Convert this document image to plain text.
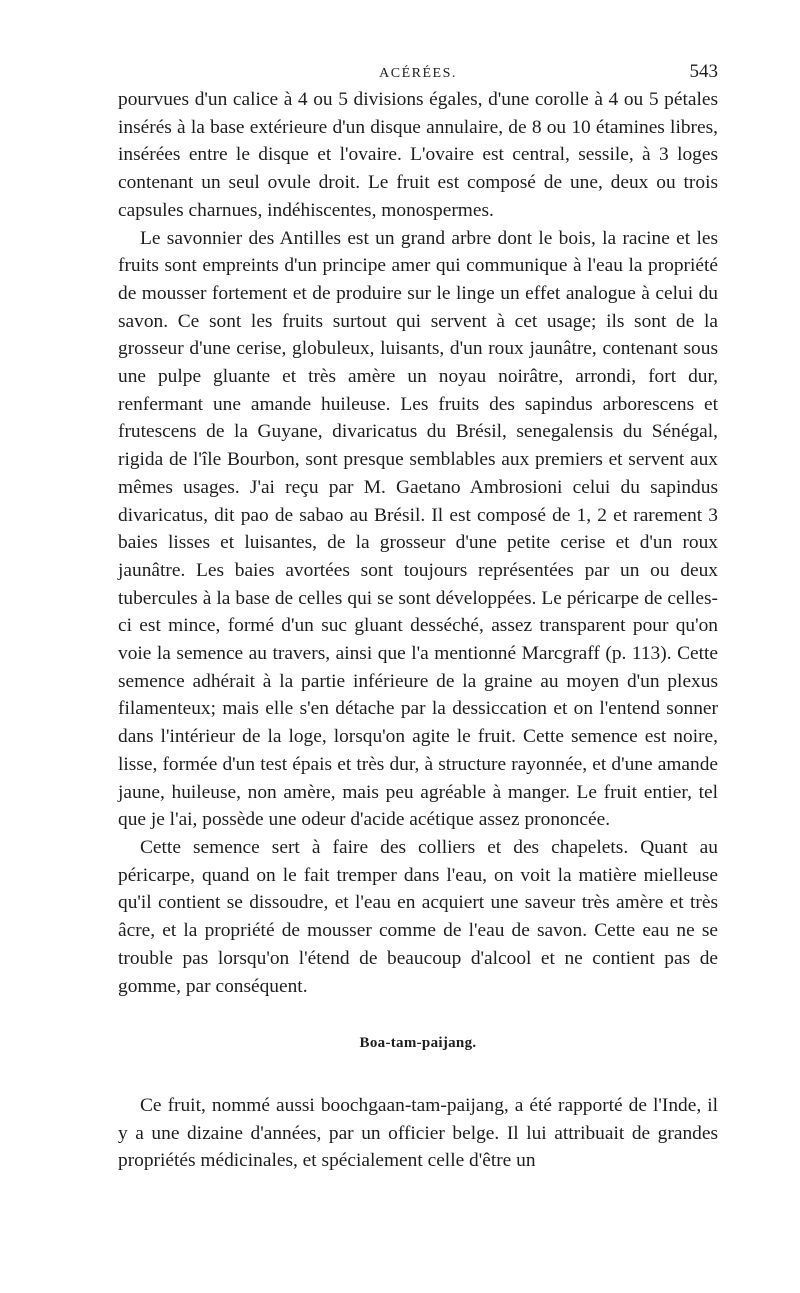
ACÉRÉES.	543

pourvues d'un calice à 4 ou 5 divisions égales, d'une corolle à 4 ou 5 pétales insérés à la base extérieure d'un disque annulaire, de 8 ou 10 étamines libres, insérées entre le disque et l'ovaire. L'ovaire est central, sessile, à 3 loges contenant un seul ovule droit. Le fruit est composé de une, deux ou trois capsules charnues, indéhiscentes, monospermes.

Le savonnier des Antilles est un grand arbre dont le bois, la racine et les fruits sont empreints d'un principe amer qui communique à l'eau la propriété de mousser fortement et de produire sur le linge un effet analogue à celui du savon. Ce sont les fruits surtout qui servent à cet usage; ils sont de la grosseur d'une cerise, globuleux, luisants, d'un roux jaunâtre, contenant sous une pulpe gluante et très amère un noyau noirâtre, arrondi, fort dur, renfermant une amande huileuse. Les fruits des sapindus arborescens et frutescens de la Guyane, divaricatus du Brésil, senegalensis du Sénégal, rigida de l'île Bourbon, sont presque semblables aux premiers et servent aux mêmes usages. J'ai reçu par M. Gaetano Ambrosioni celui du sapindus divaricatus, dit pao de sabao au Brésil. Il est composé de 1, 2 et rarement 3 baies lisses et luisantes, de la grosseur d'une petite cerise et d'un roux jaunâtre. Les baies avortées sont toujours représentées par un ou deux tubercules à la base de celles qui se sont développées. Le péricarpe de celles-ci est mince, formé d'un suc gluant desséché, assez transparent pour qu'on voie la semence au travers, ainsi que l'a mentionné Marcgraff (p. 113). Cette semence adhérait à la partie inférieure de la graine au moyen d'un plexus filamenteux; mais elle s'en détache par la dessiccation et on l'entend sonner dans l'intérieur de la loge, lorsqu'on agite le fruit. Cette semence est noire, lisse, formée d'un test épais et très dur, à structure rayonnée, et d'une amande jaune, huileuse, non amère, mais peu agréable à manger. Le fruit entier, tel que je l'ai, possède une odeur d'acide acétique assez prononcée.

Cette semence sert à faire des colliers et des chapelets. Quant au péricarpe, quand on le fait tremper dans l'eau, on voit la matière mielleuse qu'il contient se dissoudre, et l'eau en acquiert une saveur très amère et très âcre, et la propriété de mousser comme de l'eau de savon. Cette eau ne se trouble pas lorsqu'on l'étend de beaucoup d'alcool et ne contient pas de gomme, par conséquent.

Boa-tam-paijang.

Ce fruit, nommé aussi boochgaan-tam-paijang, a été rapporté de l'Inde, il y a une dizaine d'années, par un officier belge. Il lui attribuait de grandes propriétés médicinales, et spécialement celle d'être un
